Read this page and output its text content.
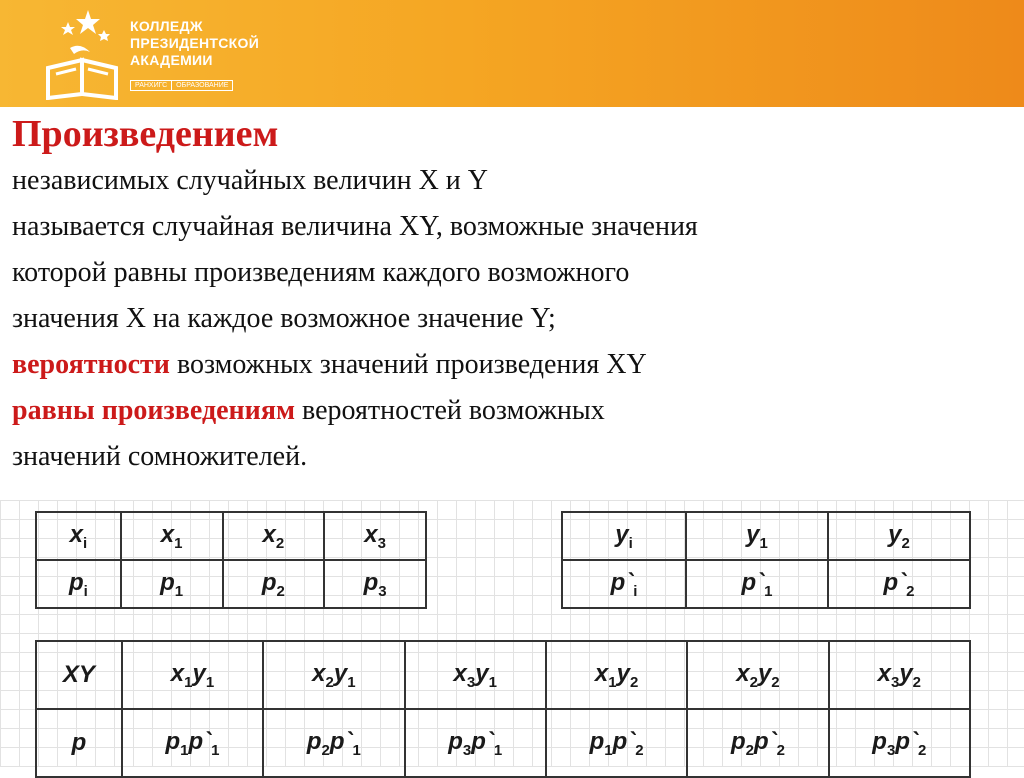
КОЛЛЕДЖ
ПРЕЗИДЕНТСКОЙ
АКАДЕМИИ
РАНХИГС	ОБРАЗОВАНИЕ

Произведением

независимых случайных величин X и Y

называется случайная величина XY, возможные значения

которой равны произведениям каждого возможного

значения X на каждое возможное значение Y;

вероятности возможных значений произведения XY

равны произведениям вероятностей возможных

значений сомножителей.

$x_i$	$x_1$	$x_2$	$x_3$
$p_i$	$p_1$	$p_2$	$p_3$
$y_i$	$y_1$	$y_2$
$p`_i$	$p`_1$	$p`_2$
XY	$x_1y_1$	$x_2y_1$	$x_3y_1$	$x_1y_2$	$x_2y_2$	$x_3y_2$
p	$p_1p`_1$	$p_2p`_1$	$p_3p`_1$	$p_1p`_2$	$p_2p`_2$	$p_3p`_2$
